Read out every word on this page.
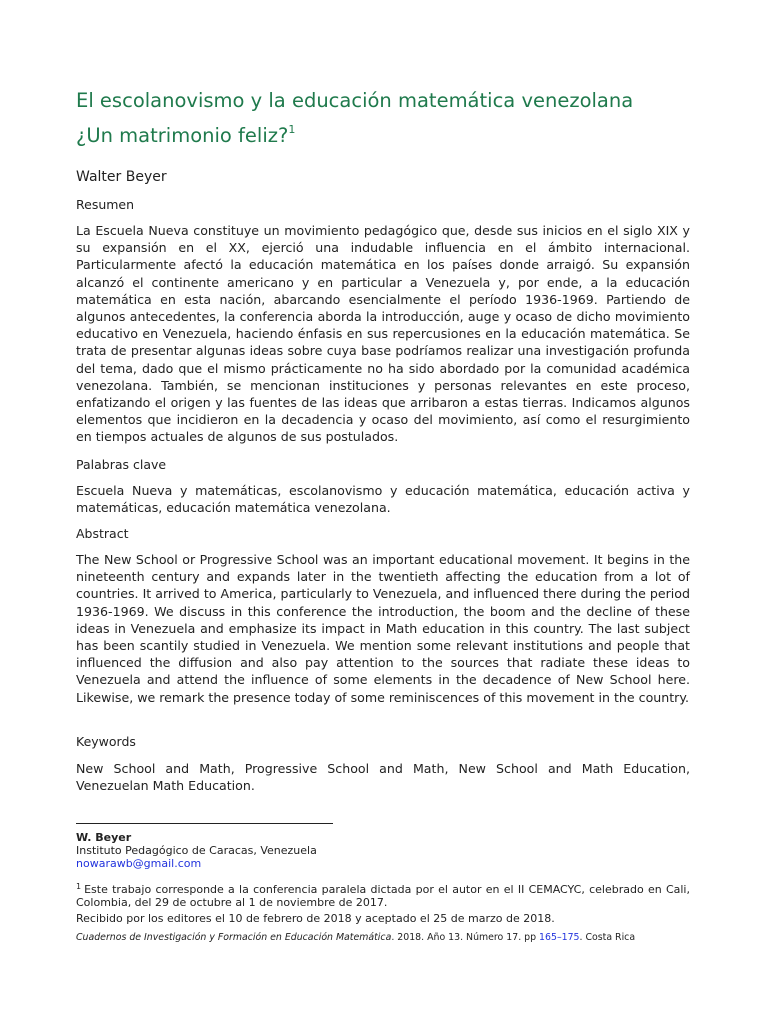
El escolanovismo y la educación matemática venezolana
¿Un matrimonio feliz?$^1$
Walter Beyer
Resumen

La Escuela Nueva constituye un movimiento pedagógico que, desde sus inicios en el siglo XIX y su expansión en el XX, ejerció una indudable influencia en el ámbito internacional. Particularmente afectó la educación matemática en los países donde arraigó. Su expansión alcanzó el continente americano y en particular a Venezuela y, por ende, a la educación matemática en esta nación, abarcando esencialmente el período 1936-1969. Partiendo de algunos antecedentes, la conferencia aborda la introducción, auge y ocaso de dicho movimiento educativo en Venezuela, haciendo énfasis en sus repercusiones en la educación matemática. Se trata de presentar algunas ideas sobre cuya base podríamos realizar una investigación profunda del tema, dado que el mismo prácticamente no ha sido abordado por la comunidad académica venezolana. También, se mencionan instituciones y personas relevantes en este proceso, enfatizando el origen y las fuentes de las ideas que arribaron a estas tierras. Indicamos algunos elementos que incidieron en la decadencia y ocaso del movimiento, así como el resurgimiento en tiempos actuales de algunos de sus postulados.

Palabras clave

Escuela Nueva y matemáticas, escolanovismo y educación matemática, educación activa y matemáticas, educación matemática venezolana.

Abstract

The New School or Progressive School was an important educational movement. It begins in the nineteenth century and expands later in the twentieth affecting the education from a lot of countries. It arrived to America, particularly to Venezuela, and influenced there during the period 1936-1969. We discuss in this conference the introduction, the boom and the decline of these ideas in Venezuela and emphasize its impact in Math education in this country. The last subject has been scantily studied in Venezuela. We mention some relevant institutions and people that influenced the diffusion and also pay attention to the sources that radiate these ideas to Venezuela and attend the influence of some elements in the decadence of New School here. Likewise, we remark the presence today of some reminiscences of this movement in the country.

Keywords

New School and Math, Progressive School and Math, New School and Math Education, Venezuelan Math Education.

W. Beyer
Instituto Pedagógico de Caracas, Venezuela
nowarawb@gmail.com
$^1$ Este trabajo corresponde a la conferencia paralela dictada por el autor en el II CEMACYC, celebrado en Cali, Colombia, del 29 de octubre al 1 de noviembre de 2017.
Recibido por los editores el 10 de febrero de 2018 y aceptado el 25 de marzo de 2018.
Cuadernos de Investigación y Formación en Educación Matemática. 2018. Año 13. Número 17. pp 165–175. Costa Rica
